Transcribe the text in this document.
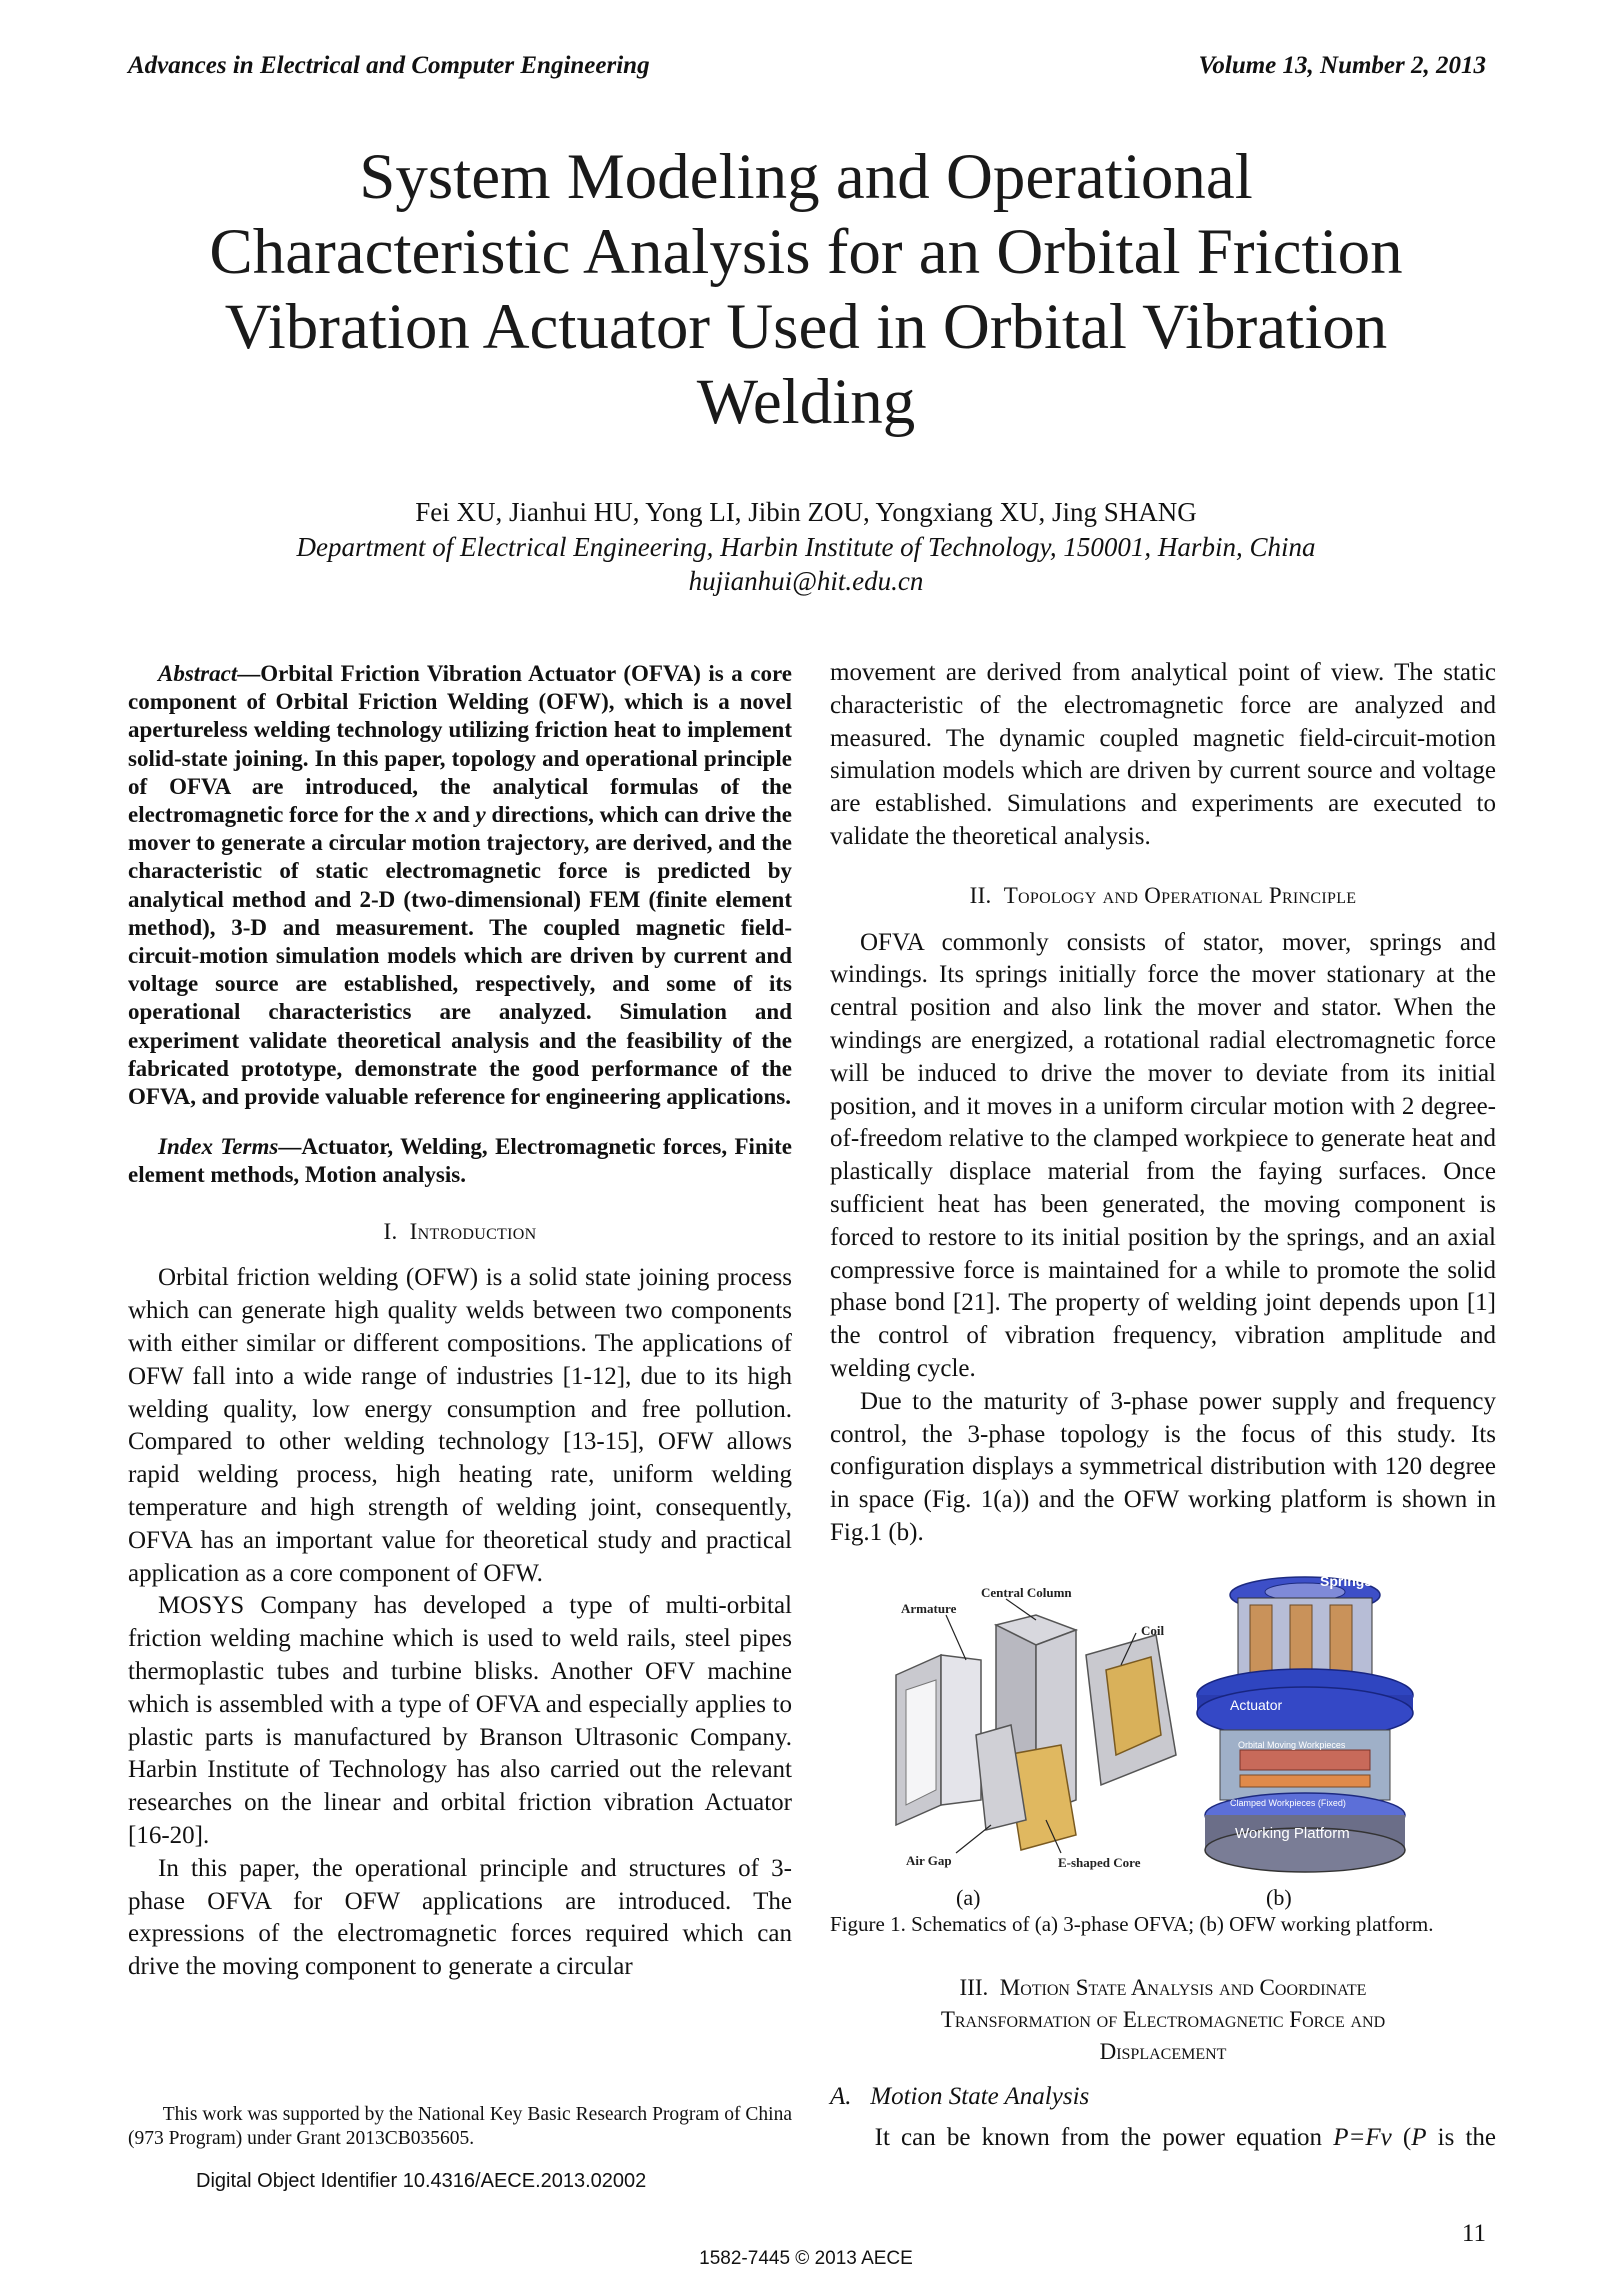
Advances in Electrical and Computer Engineering	Volume 13, Number 2, 2013
System Modeling and Operational
Characteristic Analysis for an Orbital Friction
Vibration Actuator Used in Orbital Vibration
Welding
Fei XU, Jianhui HU, Yong LI, Jibin ZOU, Yongxiang XU, Jing SHANG
Department of Electrical Engineering, Harbin Institute of Technology, 150001, Harbin, China
hujianhui@hit.edu.cn

Abstract—Orbital Friction Vibration Actuator (OFVA) is a core component of Orbital Friction Welding (OFW), which is a novel apertureless welding technology utilizing friction heat to implement solid-state joining. In this paper, topology and operational principle of OFVA are introduced, the analytical formulas of the electromagnetic force for the x and y directions, which can drive the mover to generate a circular motion trajectory, are derived, and the characteristic of static electromagnetic force is predicted by analytical method and 2-D (two-dimensional) FEM (finite element method), 3-D and measurement. The coupled magnetic field-circuit-motion simulation models which are driven by current and voltage source are established, respectively, and some of its operational characteristics are analyzed. Simulation and experiment validate theoretical analysis and the feasibility of the fabricated prototype, demonstrate the good performance of the OFVA, and provide valuable reference for engineering applications.

Index Terms—Actuator, Welding, Electromagnetic forces, Finite element methods, Motion analysis.

I. Introduction

Orbital friction welding (OFW) is a solid state joining process which can generate high quality welds between two components with either similar or different compositions. The applications of OFW fall into a wide range of industries [1-12], due to its high welding quality, low energy consumption and free pollution. Compared to other welding technology [13-15], OFW allows rapid welding process, high heating rate, uniform welding temperature and high strength of welding joint, consequently, OFVA has an important value for theoretical study and practical application as a core component of OFW.

MOSYS Company has developed a type of multi-orbital friction welding machine which is used to weld rails, steel pipes thermoplastic tubes and turbine blisks. Another OFV machine which is assembled with a type of OFVA and especially applies to plastic parts is manufactured by Branson Ultrasonic Company. Harbin Institute of Technology has also carried out the relevant researches on the linear and orbital friction vibration Actuator [16-20].

In this paper, the operational principle and structures of 3-phase OFVA for OFW applications are introduced. The expressions of the electromagnetic forces required which can drive the moving component to generate a circular

movement are derived from analytical point of view. The static characteristic of the electromagnetic force are analyzed and measured. The dynamic coupled magnetic field-circuit-motion simulation models which are driven by current source and voltage are established. Simulations and experiments are executed to validate the theoretical analysis.

II. Topology and Operational Principle

OFVA commonly consists of stator, mover, springs and windings. Its springs initially force the mover stationary at the central position and also link the mover and stator. When the windings are energized, a rotational radial electromagnetic force will be induced to drive the mover to deviate from its initial position, and it moves in a uniform circular motion with 2 degree-of-freedom relative to the clamped workpiece to generate heat and plastically displace material from the faying surfaces. Once sufficient heat has been generated, the moving component is forced to restore to its initial position by the springs, and an axial compressive force is maintained for a while to promote the solid phase bond [21]. The property of welding joint depends upon [1] the control of vibration frequency, vibration amplitude and welding cycle.

Due to the maturity of 3-phase power supply and frequency control, the 3-phase topology is the focus of this study. Its configuration displays a symmetrical distribution with 120 degree in space (Fig. 1(a)) and the OFW working platform is shown in Fig.1 (b).

Central Column
Armature
Coil
Air Gap	E-shaped Core
Springs
Actuator
Orbital Moving Workpieces
Clamped Workpieces (Fixed)
Working Platform
(a)	(b)
Figure 1. Schematics of (a) 3-phase OFVA; (b) OFW working platform.
III. Motion State Analysis and Coordinate
Transformation of Electromagnetic Force and
Displacement
A. Motion State Analysis
It can be known from the power equation P=Fv (P is the
This work was supported by the National Key Basic Research Program of China (973 Program) under Grant 2013CB035605.
Digital Object Identifier 10.4316/AECE.2013.02002
11
1582-7445 © 2013 AECE
